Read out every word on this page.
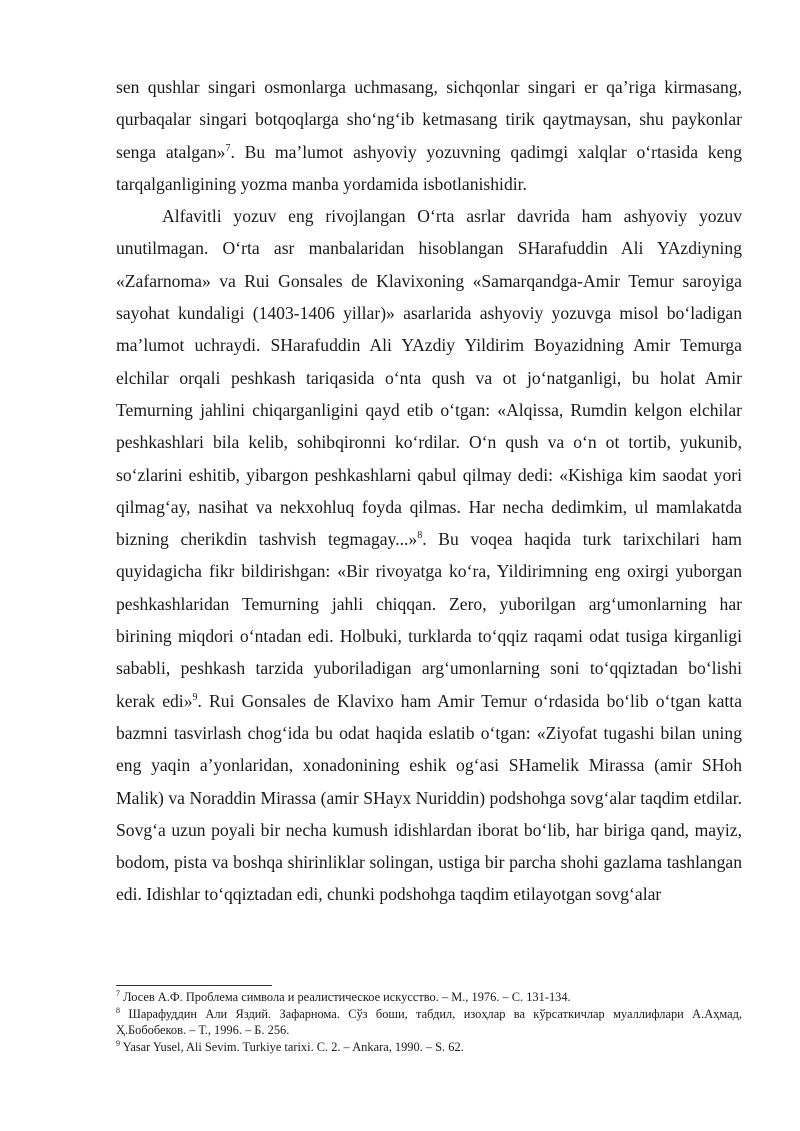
sen qushlar singari osmonlarga uchmasang, sichqonlar singari er qa’riga kirmasang, qurbaqalar singari botqoqlarga sho‘ng‘ib ketmasang tirik qaytmaysan, shu paykonlar senga atalgan»$^7$. Bu ma’lumot ashyoviy yozuvning qadimgi xalqlar o‘rtasida keng tarqalganligining yozma manba yordamida isbotlanishidir.

Alfavitli yozuv eng rivojlangan O‘rta asrlar davrida ham ashyoviy yozuv unutilmagan. O‘rta asr manbalaridan hisoblangan SHarafuddin Ali YAzdiyning «Zafarnoma» va Rui Gonsales de Klavixoning «Samarqandga-Amir Temur saroyiga sayohat kundaligi (1403-1406 yillar)» asarlarida ashyoviy yozuvga misol bo‘ladigan ma’lumot uchraydi. SHarafuddin Ali YAzdiy Yildirim Boyazidning Amir Temurga elchilar orqali peshkash tariqasida o‘nta qush va ot jo‘natganligi, bu holat Amir Temurning jahlini chiqarganligini qayd etib o‘tgan: «Alqissa, Rumdin kelgon elchilar peshkashlari bila kelib, sohibqironni ko‘rdilar. O‘n qush va o‘n ot tortib, yukunib, so‘zlarini eshitib, yibargon peshkashlarni qabul qilmay dedi: «Kishiga kim saodat yori qilmag‘ay, nasihat va nekxohluq foyda qilmas. Har necha dedimkim, ul mamlakatda bizning cherikdin tashvish tegmagay...»$^8$. Bu voqea haqida turk tarixchilari ham quyidagicha fikr bildirishgan: «Bir rivoyatga ko‘ra, Yildirimning eng oxirgi yuborgan peshkashlaridan Temurning jahli chiqqan. Zero, yuborilgan arg‘umonlarning har birining miqdori o‘ntadan edi. Holbuki, turklarda to‘qqiz raqami odat tusiga kirganligi sababli, peshkash tarzida yuboriladigan arg‘umonlarning soni to‘qqiztadan bo‘lishi kerak edi»$^9$. Rui Gonsales de Klavixo ham Amir Temur o‘rdasida bo‘lib o‘tgan katta bazmni tasvirlash chog‘ida bu odat haqida eslatib o‘tgan: «Ziyofat tugashi bilan uning eng yaqin a’yonlaridan, xonadonining eshik og‘asi SHamelik Mirassa (amir SHoh Malik) va Noraddin Mirassa (amir SHayx Nuriddin) podshohga sovg‘alar taqdim etdilar. Sovg‘a uzun poyali bir necha kumush idishlardan iborat bo‘lib, har biriga qand, mayiz, bodom, pista va boshqa shirinliklar solingan, ustiga bir parcha shohi gazlama tashlangan edi. Idishlar to‘qqiztadan edi, chunki podshohga taqdim etilayotgan sovg‘alar

$^7$ Лосев А.Ф. Проблема символа и реалистическое искусство. – М., 1976. – С. 131-134.

$^8$ Шарафуддин Али Яздий. Зафарнома. Сўз боши, табдил, изоҳлар ва кўрсаткичлар муаллифлари А.Аҳмад, Ҳ.Бобобеков. – Т., 1996. – Б. 256.

$^9$ Yasar Yusel, Ali Sevim. Turkiye tarixi. C. 2. – Ankara, 1990. – S. 62.
